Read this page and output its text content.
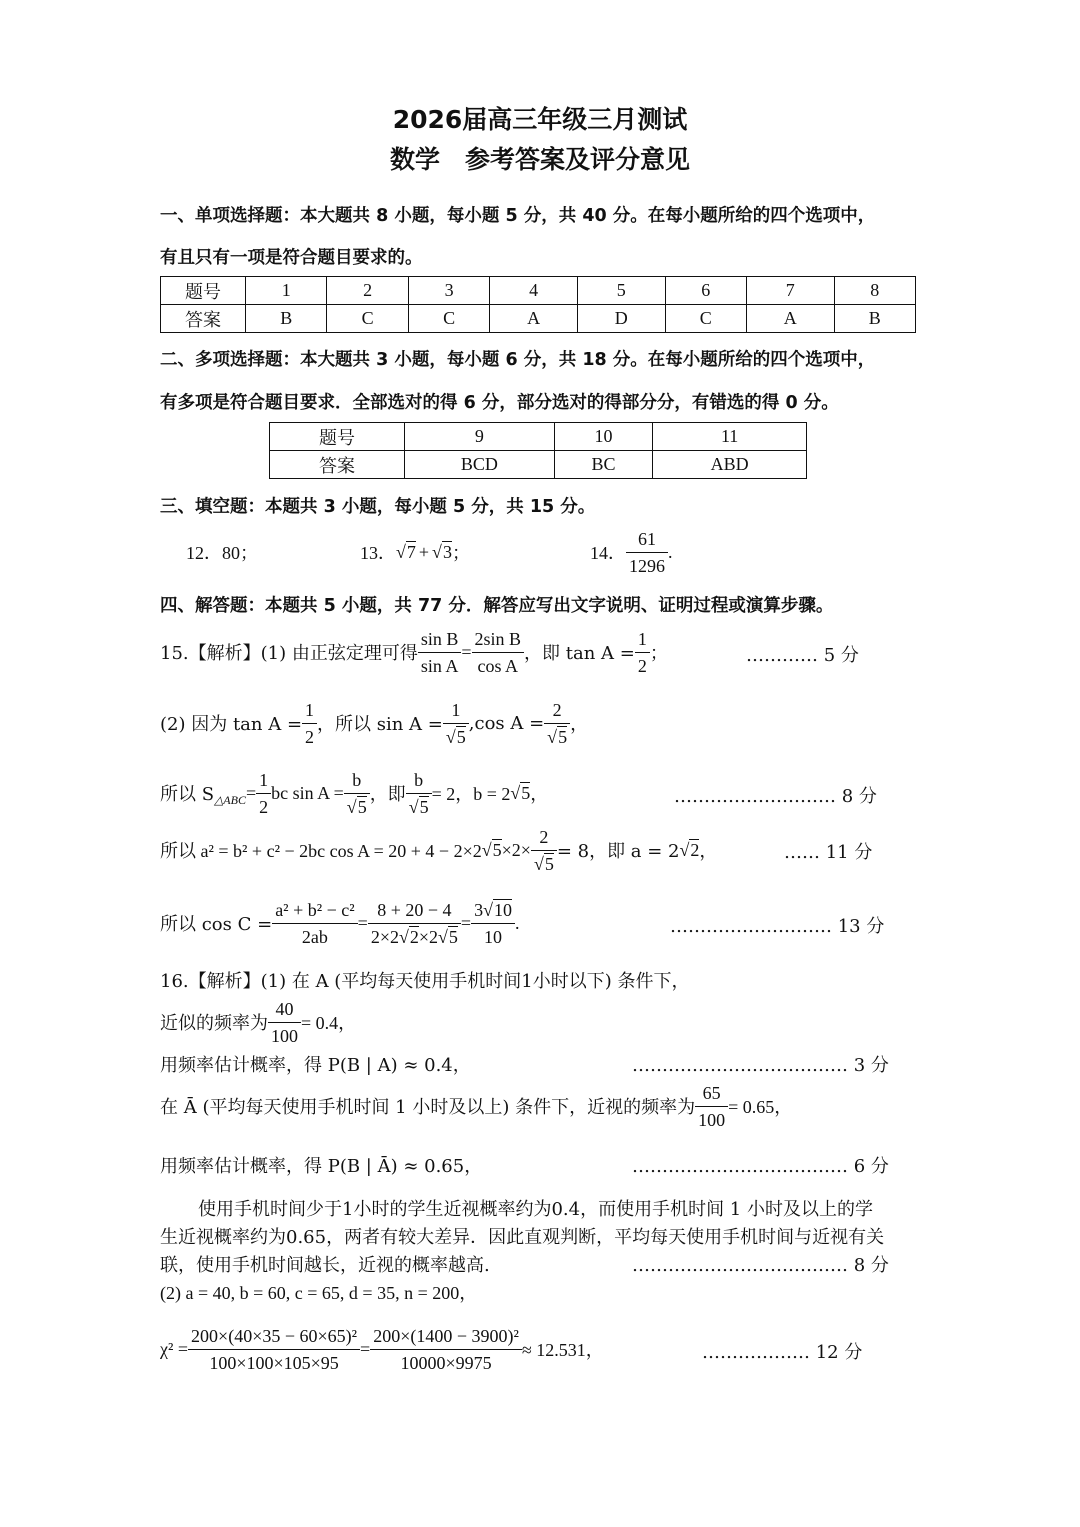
2026届高三年级三月测试
数学　参考答案及评分意见
一、单项选择题：本大题共 8 小题，每小题 5 分，共 40 分。在每小题所给的四个选项中，
有且只有一项是符合题目要求的。
题号	1	2	3	4	5	6	7	8
答案	B	C	C	A	D	C	A	B
二、多项选择题：本大题共 3 小题，每小题 6 分，共 18 分。在每小题所给的四个选项中，
有多项是符合题目要求．全部选对的得 6 分，部分选对的得部分分，有错选的得 0 分。
题号	9	10	11
答案	BCD	BC	ABD
三、填空题：本题共 3 小题，每小题 5 分，共 15 分。
12． 80；	13． √ 7 + √ 3 ；	14． $\frac{61}{1296}$ .
四、解答题：本题共 5 小题，共 77 分．解答应写出文字说明、证明过程或演算步骤。
15.【解析】(1) 由正弦定理可得 $\frac{\text{sin B}}{\text{sin A}} = \frac{\text{2sin B}}{\text{cos A}}$ ，即 $\tan A = \frac{1}{2}$ ；	………… 5 分
(2) 因为 $\tan A = \frac{1}{2}$ ，所以 $\sin A = \frac{1}{√5} ,\cos$ $A = \frac{2}{√5}$ ，
所以 S △ABC = $\frac{1}{2}$ bc $\sin A = \frac{b}{√5}$ ，即 $\frac{b}{√5} = 2$，b = 2 √ 5 ，	……………………… 8 分
所以 a² = b² + c² − 2bc cos A = 20 + 4 − 2×2 √ $5 \times 2\times \frac{2}{√5} = 8$，即 a = 2 √ 2 ，	…… 11 分
所以 $\cos C = \frac{\text{a² + b² − c²}}{2ab} = \frac{8 + 20 - 4}{2\times 2√2\times 2√5} = \frac{3√10}{10}$ .	……………………… 13 分
16.【解析】(1) 在 A (平均每天使用手机时间1小时以下) 条件下，
近似的频率为 $\frac{40}{100} = 0.4$，
用频率估计概率，得 P(B | A) ≈ 0.4，	……………………………… 3 分
在 Ā (平均每天使用手机时间 1 小时及以上) 条件下，近视的频率为 $\frac{65}{100} = 0.65$，
用频率估计概率，得 P(B | Ā) ≈ 0.65，	……………………………… 6 分
使用手机时间少于1小时的学生近视概率约为0.4，而使用手机时间 1 小时及以上的学
生近视概率约为0.65，两者有较大差异．因此直观判断，平均每天使用手机时间与近视有关
联，使用手机时间越长，近视的概率越高.	……………………………… 8 分
(2) a = 40, b = 60, c = 65, d = 35, n = 200，
$\chi^2 = \frac{\text{200×(40×35 − 60×65)²}}{100\times 100\times 105\times 95} = \frac{\text{200×(1400 − 3900)²}}{10000\times 9975} \approx 12.531$，	……………… 12 分
